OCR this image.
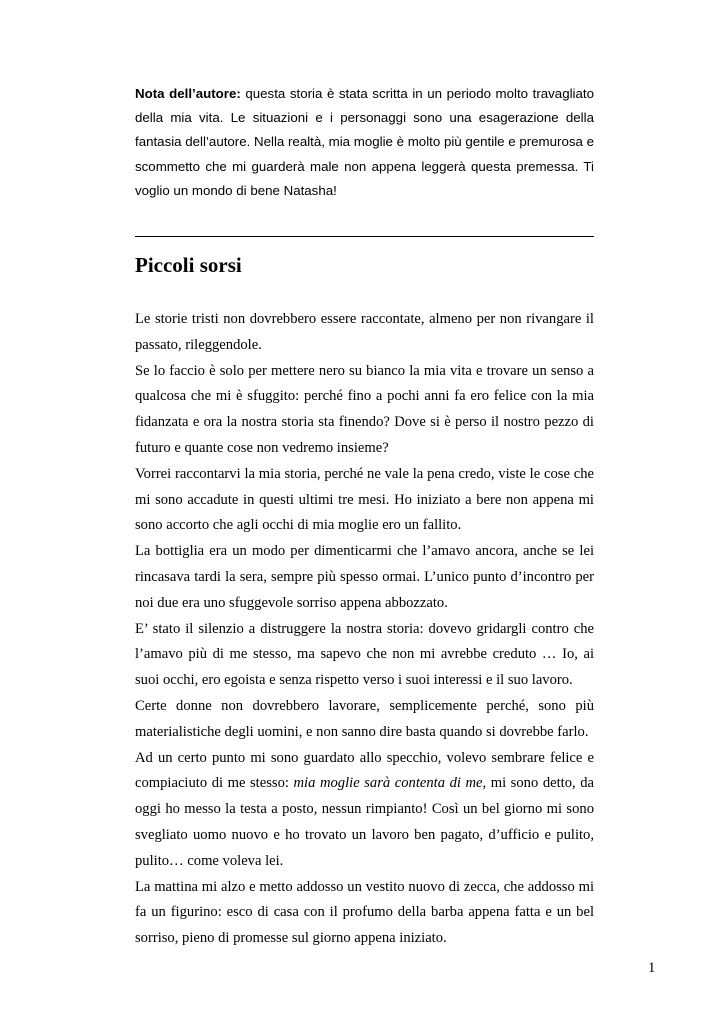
Nota dell’autore: questa storia è stata scritta in un periodo molto travagliato della mia vita. Le situazioni e i personaggi sono una esagerazione della fantasia dell’autore. Nella realtà, mia moglie è molto più gentile e premurosa e scommetto che mi guarderà male non appena leggerà questa premessa. Ti voglio un mondo di bene Natasha!
Piccoli sorsi

Le storie tristi non dovrebbero essere raccontate, almeno per non rivangare il passato, rileggendole.

Se lo faccio è solo per mettere nero su bianco la mia vita e trovare un senso a qualcosa che mi è sfuggito: perché fino a pochi anni fa ero felice con la mia fidanzata e ora la nostra storia sta finendo? Dove si è perso il nostro pezzo di futuro e quante cose non vedremo insieme?

Vorrei raccontarvi la mia storia, perché ne vale la pena credo, viste le cose che mi sono accadute in questi ultimi tre mesi. Ho iniziato a bere non appena mi sono accorto che agli occhi di mia moglie ero un fallito.

La bottiglia era un modo per dimenticarmi che l’amavo ancora, anche se lei rincasava tardi la sera, sempre più spesso ormai. L’unico punto d’incontro per noi due era uno sfuggevole sorriso appena abbozzato.

E’ stato il silenzio a distruggere la nostra storia: dovevo gridargli contro che l’amavo più di me stesso, ma sapevo che non mi avrebbe creduto … Io, ai suoi occhi, ero egoista e senza rispetto verso i suoi interessi e il suo lavoro.

Certe donne non dovrebbero lavorare, semplicemente perché, sono più materialistiche degli uomini, e non sanno dire basta quando si dovrebbe farlo.

Ad un certo punto mi sono guardato allo specchio, volevo sembrare felice e compiaciuto di me stesso: mia moglie sarà contenta di me, mi sono detto, da oggi ho messo la testa a posto, nessun rimpianto! Così un bel giorno mi sono svegliato uomo nuovo e ho trovato un lavoro ben pagato, d’ufficio e pulito, pulito… come voleva lei.

La mattina mi alzo e metto addosso un vestito nuovo di zecca, che addosso mi fa un figurino: esco di casa con il profumo della barba appena fatta e un bel sorriso, pieno di promesse sul giorno appena iniziato.

1
